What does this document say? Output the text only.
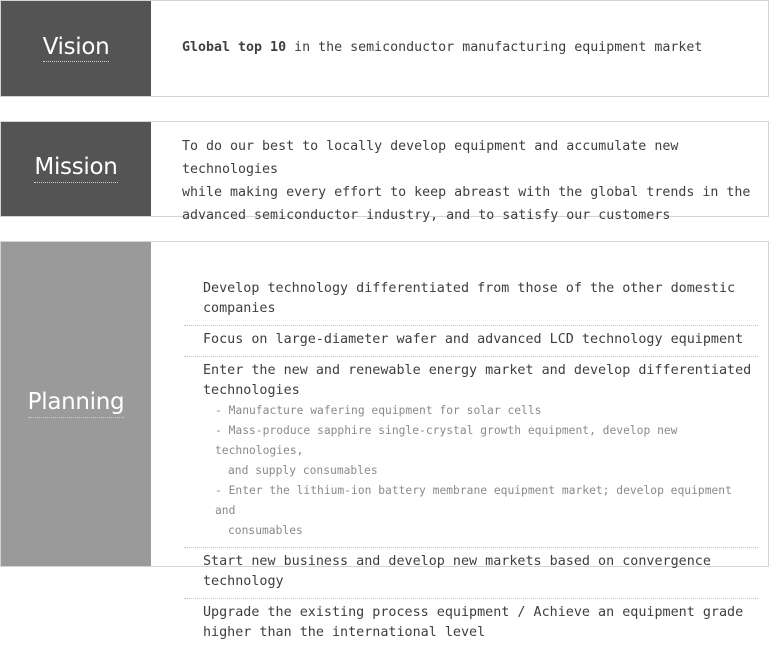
Vision	Global top 10 in the semiconductor manufacturing equipment market
Mission
To do our best to locally develop equipment and accumulate new technologies
while making every effort to keep abreast with the global trends in the
advanced semiconductor industry, and to satisfy our customers
Planning
Develop technology differentiated from those of the other domestic companies
Focus on large-diameter wafer and advanced LCD technology equipment
Enter the new and renewable energy market and develop differentiated technologies
- Manufacture wafering equipment for solar cells
- Mass-produce sapphire single-crystal growth equipment, develop new technologies,
and supply consumables
- Enter the lithium-ion battery membrane equipment market; develop equipment and
consumables
Start new business and develop new markets based on convergence technology
Upgrade the existing process equipment / Achieve an equipment grade higher than the international level
